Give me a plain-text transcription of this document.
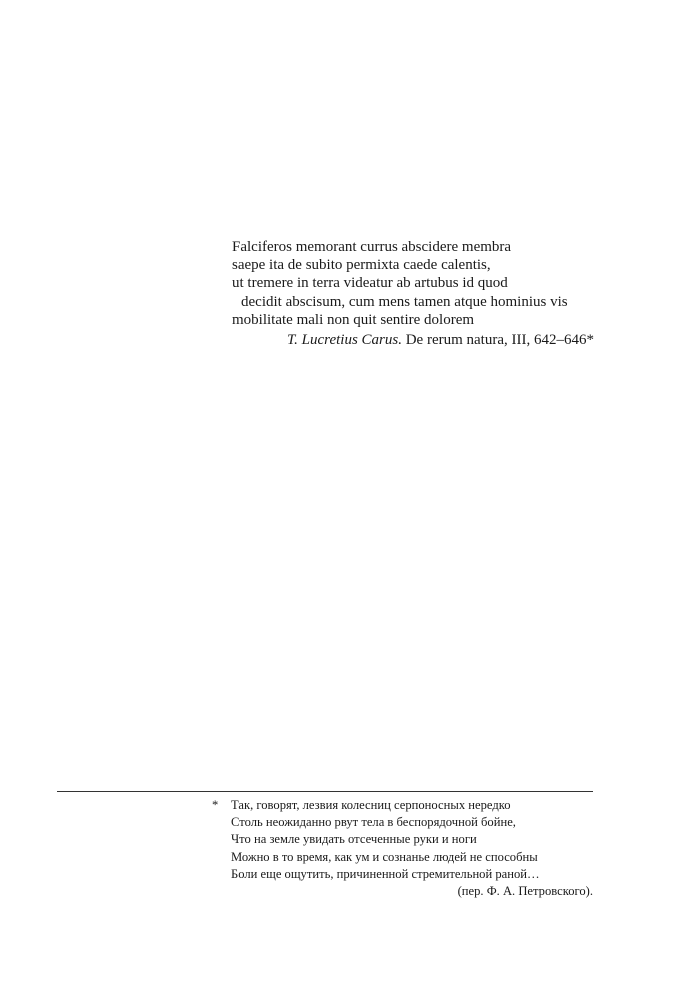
Falciferos memorant currus abscidere membra
saepe ita de subito permixta caede calentis,
ut tremere in terra videatur ab artubus id quod
decidit abscisum, cum mens tamen atque hominius vis
mobilitate mali non quit sentire dolorem
T. Lucretius Carus. De rerum natura, III, 642–646*
* Так, говорят, лезвия колесниц серпоносных нередко
Столь неожиданно рвут тела в беспорядочной бойне,
Что на земле увидать отсеченные руки и ноги
Можно в то время, как ум и сознанье людей не способны
Боли еще ощутить, причиненной стремительной раной…
(пер. Ф. А. Петровского).
